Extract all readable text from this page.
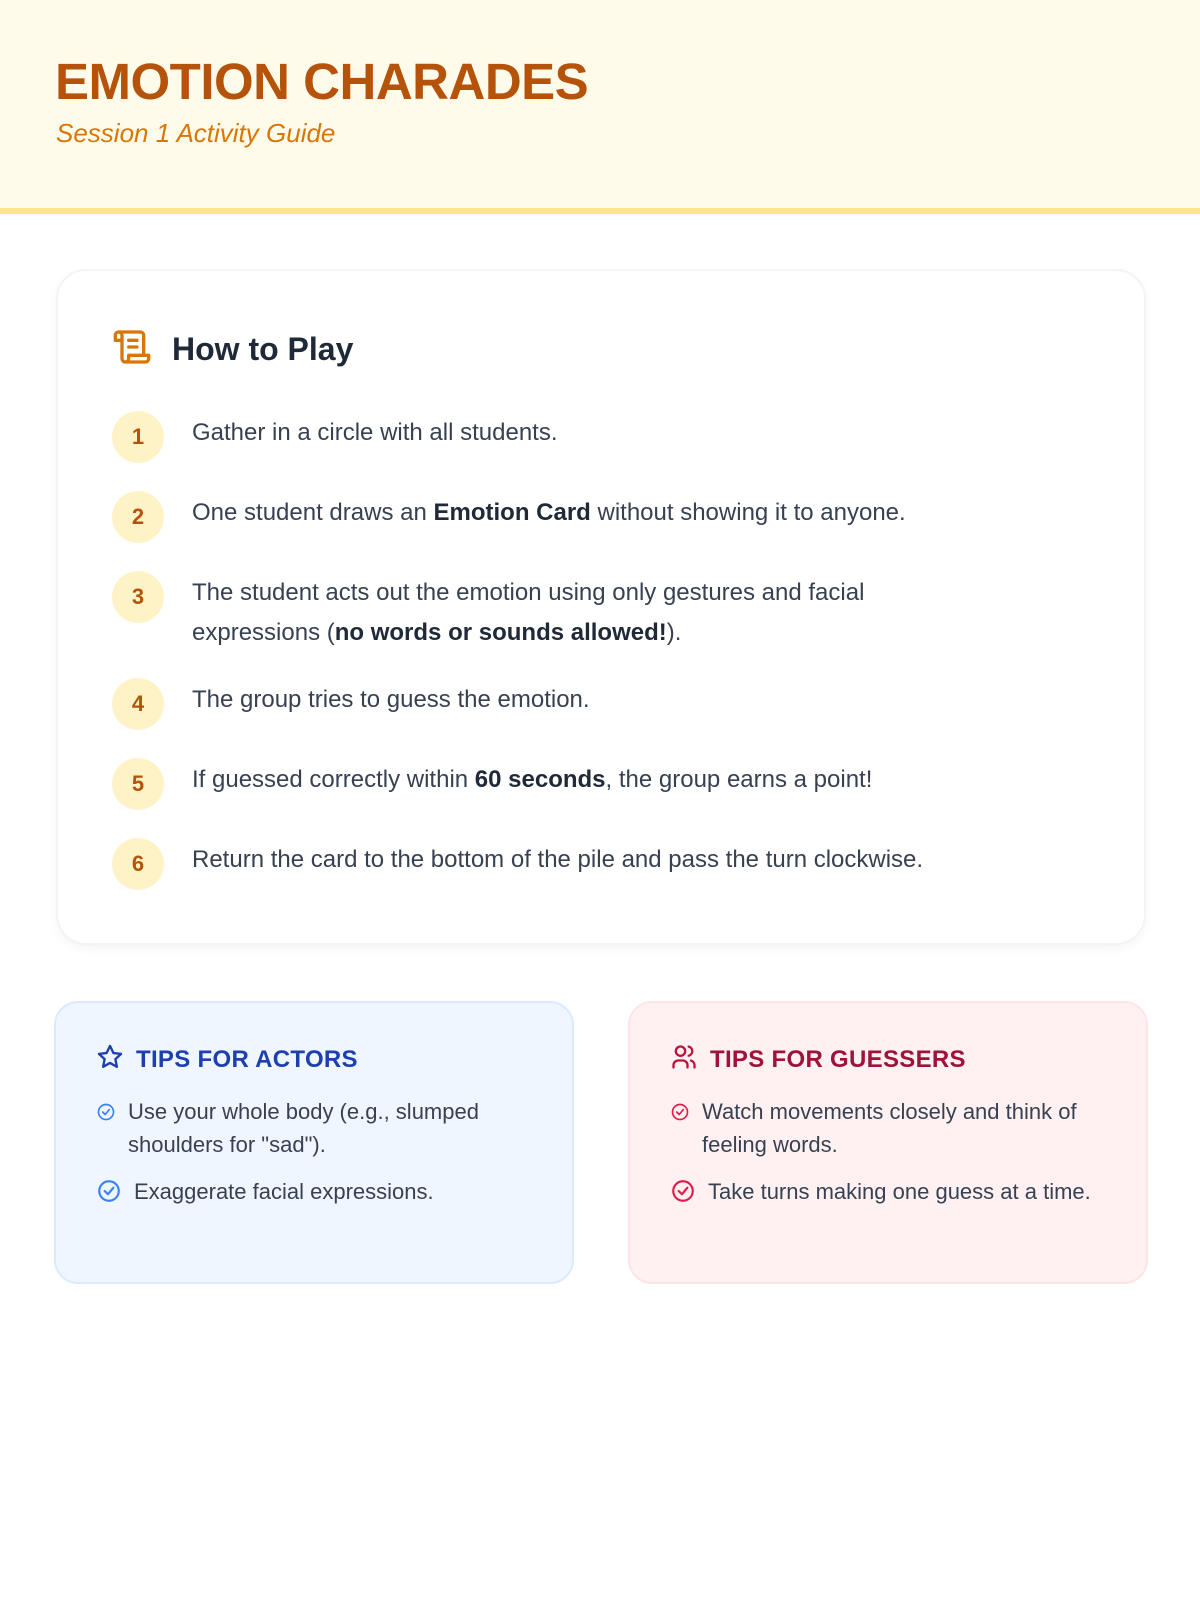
EMOTION CHARADES
Session 1 Activity Guide
How to Play
1	Gather in a circle with all students.
2	One student draws an Emotion Card without showing it to anyone.
3	The student acts out the emotion using only gestures and facial expressions (no words or sounds allowed!).
4	The group tries to guess the emotion.
5	If guessed correctly within 60 seconds, the group earns a point!
6	Return the card to the bottom of the pile and pass the turn clockwise.
TIPS FOR ACTORS
Use your whole body (e.g., slumped shoulders for "sad").
Exaggerate facial expressions.
TIPS FOR GUESSERS
Watch movements closely and think of feeling words.
Take turns making one guess at a time.
